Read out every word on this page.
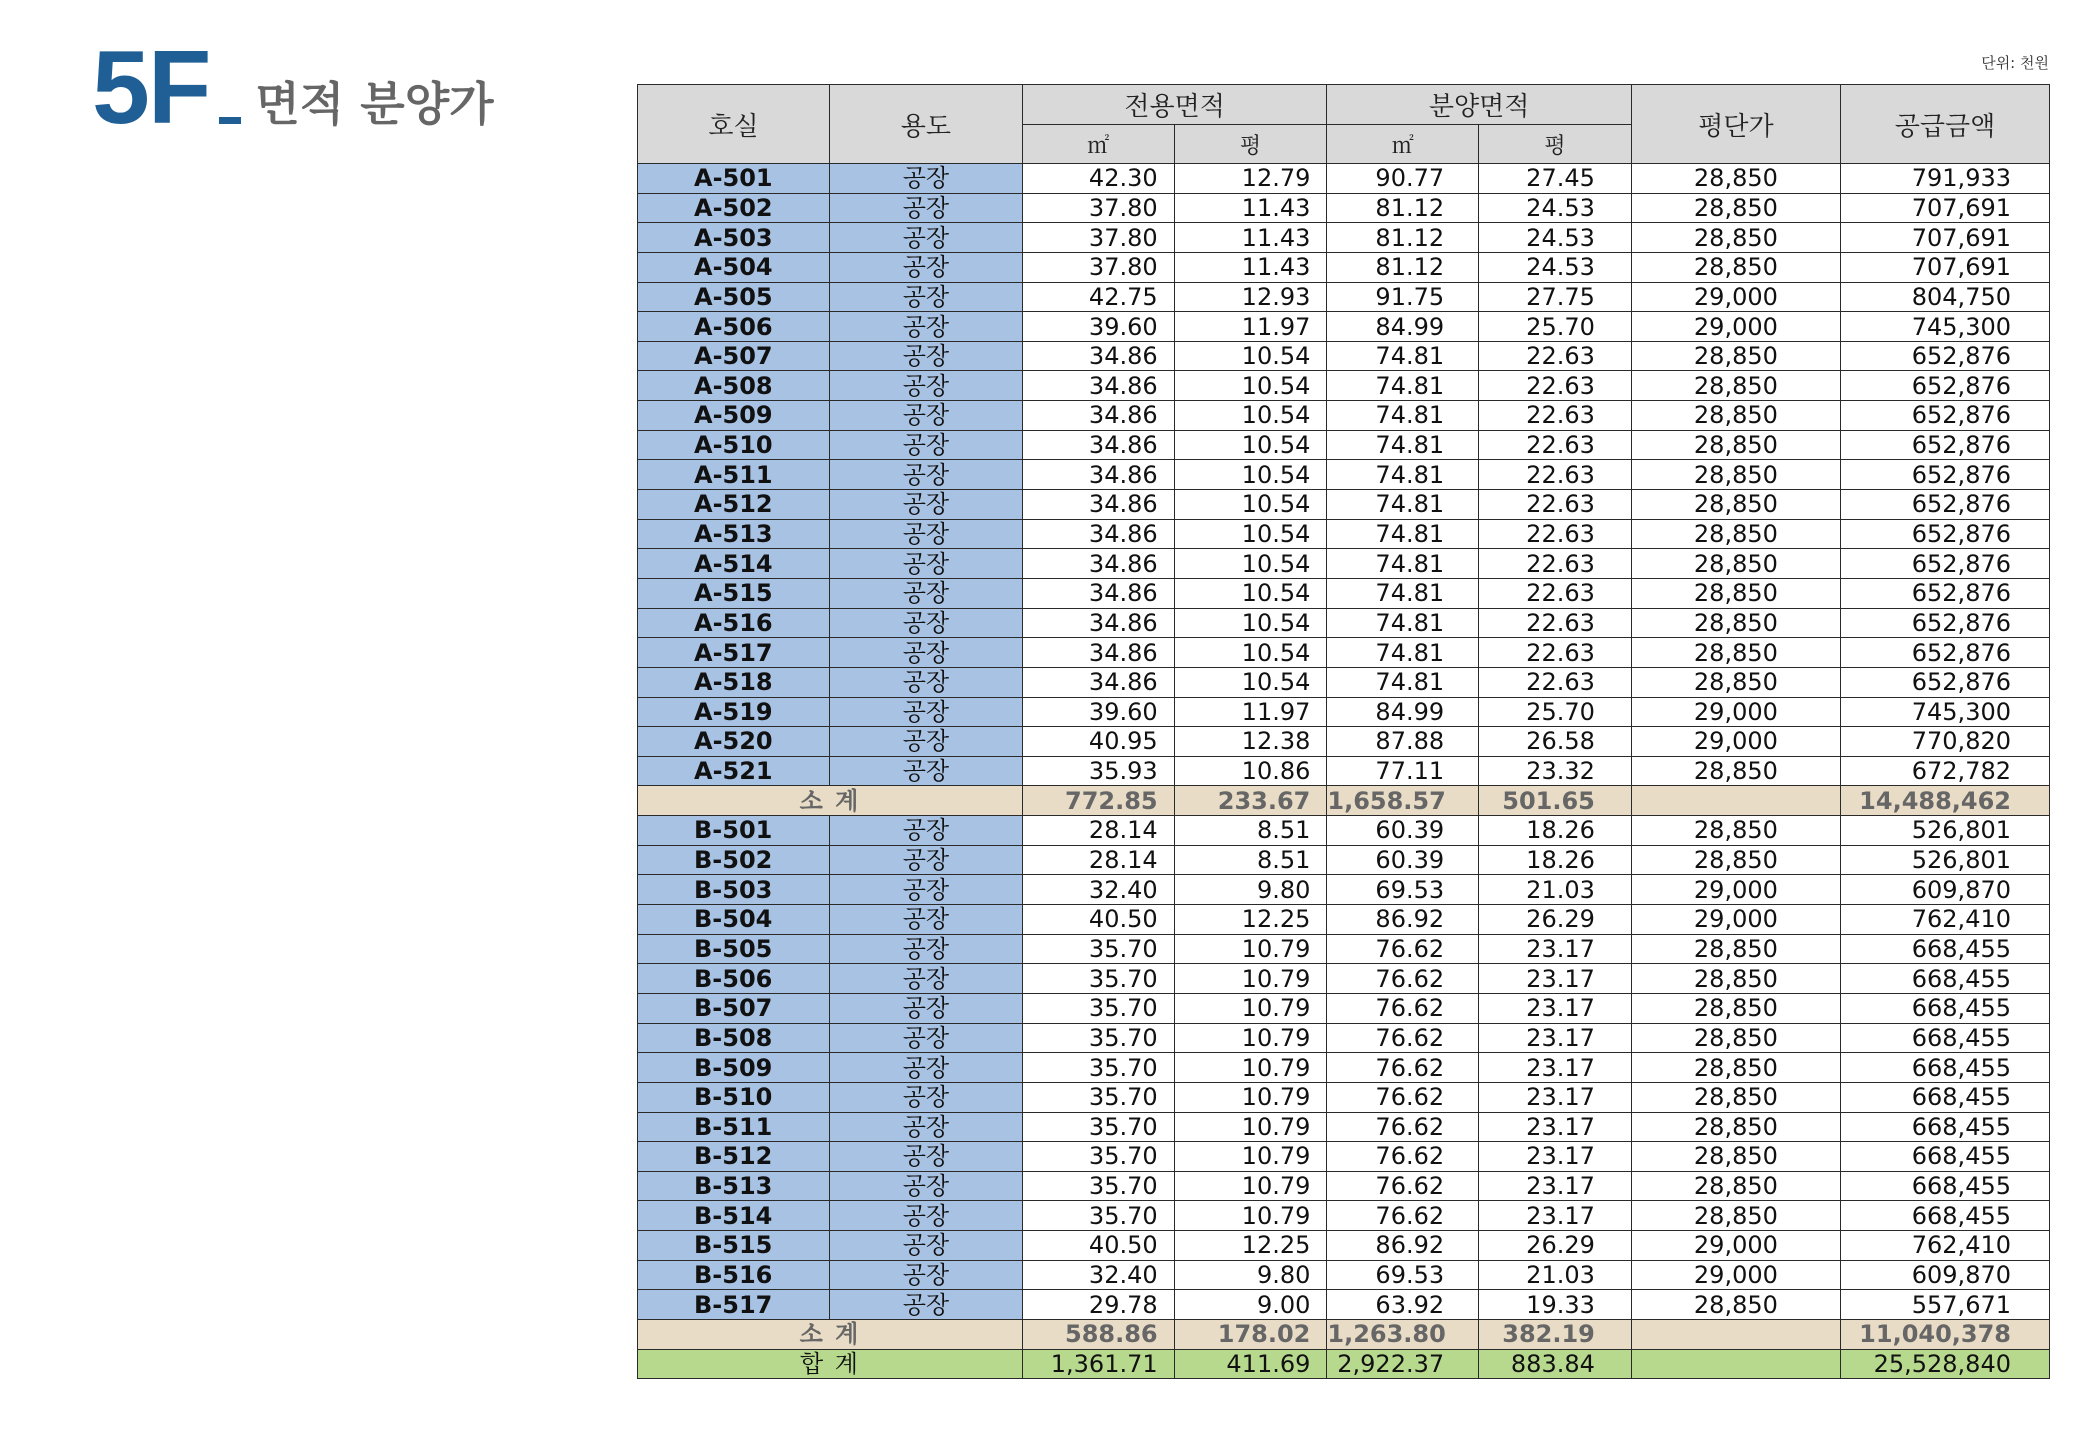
5F 면적 분양가
단위: 천원
호실	용도	전용면적		분양면적		평단가	공급금액
		㎡	평	㎡	평		
A-501	공장	42.30	12.79	90.77	27.45	28,850	791,933
A-502	공장	37.80	11.43	81.12	24.53	28,850	707,691
A-503	공장	37.80	11.43	81.12	24.53	28,850	707,691
A-504	공장	37.80	11.43	81.12	24.53	28,850	707,691
A-505	공장	42.75	12.93	91.75	27.75	29,000	804,750
A-506	공장	39.60	11.97	84.99	25.70	29,000	745,300
A-507	공장	34.86	10.54	74.81	22.63	28,850	652,876
A-508	공장	34.86	10.54	74.81	22.63	28,850	652,876
A-509	공장	34.86	10.54	74.81	22.63	28,850	652,876
A-510	공장	34.86	10.54	74.81	22.63	28,850	652,876
A-511	공장	34.86	10.54	74.81	22.63	28,850	652,876
A-512	공장	34.86	10.54	74.81	22.63	28,850	652,876
A-513	공장	34.86	10.54	74.81	22.63	28,850	652,876
A-514	공장	34.86	10.54	74.81	22.63	28,850	652,876
A-515	공장	34.86	10.54	74.81	22.63	28,850	652,876
A-516	공장	34.86	10.54	74.81	22.63	28,850	652,876
A-517	공장	34.86	10.54	74.81	22.63	28,850	652,876
A-518	공장	34.86	10.54	74.81	22.63	28,850	652,876
A-519	공장	39.60	11.97	84.99	25.70	29,000	745,300
A-520	공장	40.95	12.38	87.88	26.58	29,000	770,820
A-521	공장	35.93	10.86	77.11	23.32	28,850	672,782
소 계		772.85	233.67	1,658.57	501.65		14,488,462
B-501	공장	28.14	8.51	60.39	18.26	28,850	526,801
B-502	공장	28.14	8.51	60.39	18.26	28,850	526,801
B-503	공장	32.40	9.80	69.53	21.03	29,000	609,870
B-504	공장	40.50	12.25	86.92	26.29	29,000	762,410
B-505	공장	35.70	10.79	76.62	23.17	28,850	668,455
B-506	공장	35.70	10.79	76.62	23.17	28,850	668,455
B-507	공장	35.70	10.79	76.62	23.17	28,850	668,455
B-508	공장	35.70	10.79	76.62	23.17	28,850	668,455
B-509	공장	35.70	10.79	76.62	23.17	28,850	668,455
B-510	공장	35.70	10.79	76.62	23.17	28,850	668,455
B-511	공장	35.70	10.79	76.62	23.17	28,850	668,455
B-512	공장	35.70	10.79	76.62	23.17	28,850	668,455
B-513	공장	35.70	10.79	76.62	23.17	28,850	668,455
B-514	공장	35.70	10.79	76.62	23.17	28,850	668,455
B-515	공장	40.50	12.25	86.92	26.29	29,000	762,410
B-516	공장	32.40	9.80	69.53	21.03	29,000	609,870
B-517	공장	29.78	9.00	63.92	19.33	28,850	557,671
소 계		588.86	178.02	1,263.80	382.19		11,040,378
합 계		1,361.71	411.69	2,922.37	883.84		25,528,840
